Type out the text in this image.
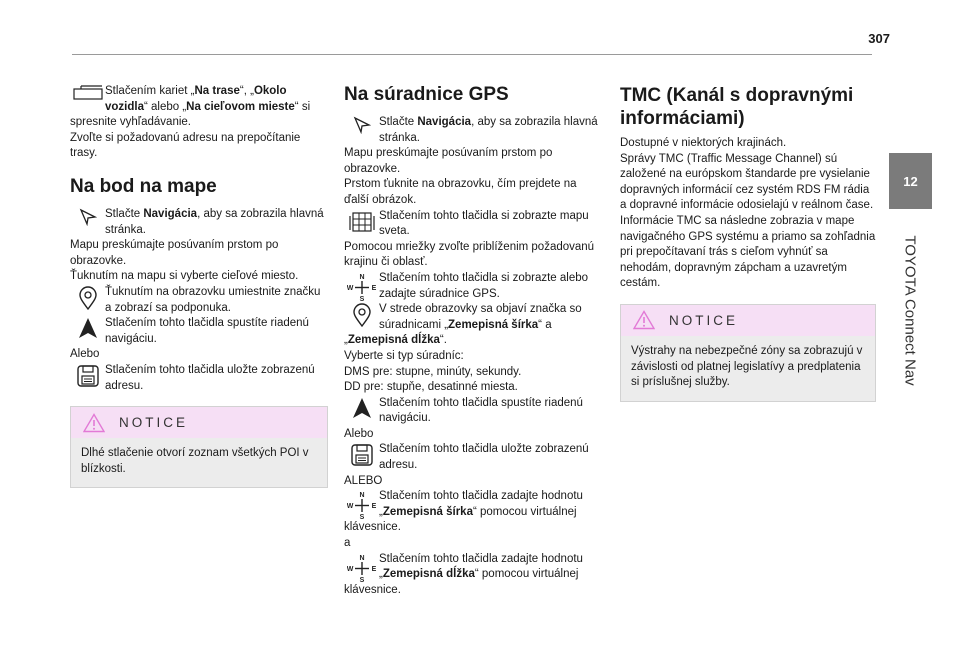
307
12
TOYOTA Connect Nav

Stlačením kariet „Na trase“, „Okolo vozidla“ alebo „Na cieľovom mieste“ si

spresnite vyhľadávanie.

Zvoľte si požadovanú adresu na prepočítanie trasy.

Na bod na mape

Stlačte Navigácia, aby sa zobrazila hlavná stránka.

Mapu preskúmajte posúvaním prstom po obrazovke.

Ťuknutím na mapu si vyberte cieľové miesto.

Ťuknutím na obrazovku umiestnite značku a zobrazí sa podponuka.

Stlačením tohto tlačidla spustíte riadenú navigáciu.

Alebo

Stlačením tohto tlačidla uložte zobrazenú adresu.

NOTICE

Dlhé stlačenie otvorí zoznam všetkých POI v blízkosti.

Na súradnice GPS

Stlačte Navigácia, aby sa zobrazila hlavná stránka.

Mapu preskúmajte posúvaním prstom po obrazovke.

Prstom ťuknite na obrazovku, čím prejdete na ďalší obrázok.

Stlačením tohto tlačidla si zobrazte mapu sveta.

Pomocou mriežky zvoľte priblíženim požadovanú krajinu či oblasť.

N
S
W	E

Stlačením tohto tlačidla si zobrazte alebo zadajte súradnice GPS.

V strede obrazovky sa objaví značka so súradnicami „Zemepisná šírka“ a

„Zemepisná dĺžka“.

Vyberte si typ súradníc:

DMS pre: stupne, minúty, sekundy.

DD pre: stupňe, desatinné miesta.

Stlačením tohto tlačidla spustíte riadenú navigáciu.

Alebo

Stlačením tohto tlačidla uložte zobrazenú adresu.

ALEBO

N
S
W	E

Stlačením tohto tlačidla zadajte hodnotu „Zemepisná šírka“ pomocou virtuálnej

klávesnice.

a

N
S
W	E

Stlačením tohto tlačidla zadajte hodnotu „Zemepisná dĺžka“ pomocou virtuálnej

klávesnice.

TMC (Kanál s dopravnými informáciami)

Dostupné v niektorých krajinách.

Správy TMC (Traffic Message Channel) sú založené na európskom štandarde pre vysielanie dopravných informácií cez systém RDS FM rádia a dopravné informácie odosielajú v reálnom čase.

Informácie TMC sa následne zobrazia v mape navigačného GPS systému a priamo sa zohľadnia pri prepočítavaní trás s cieľom vyhnúť sa nehodám, dopravným zápcham a uzavretým cestám.

NOTICE

Výstrahy na nebezpečné zóny sa zobrazujú v závislosti od platnej legislatívy a predplatenia si príslušnej služby.
